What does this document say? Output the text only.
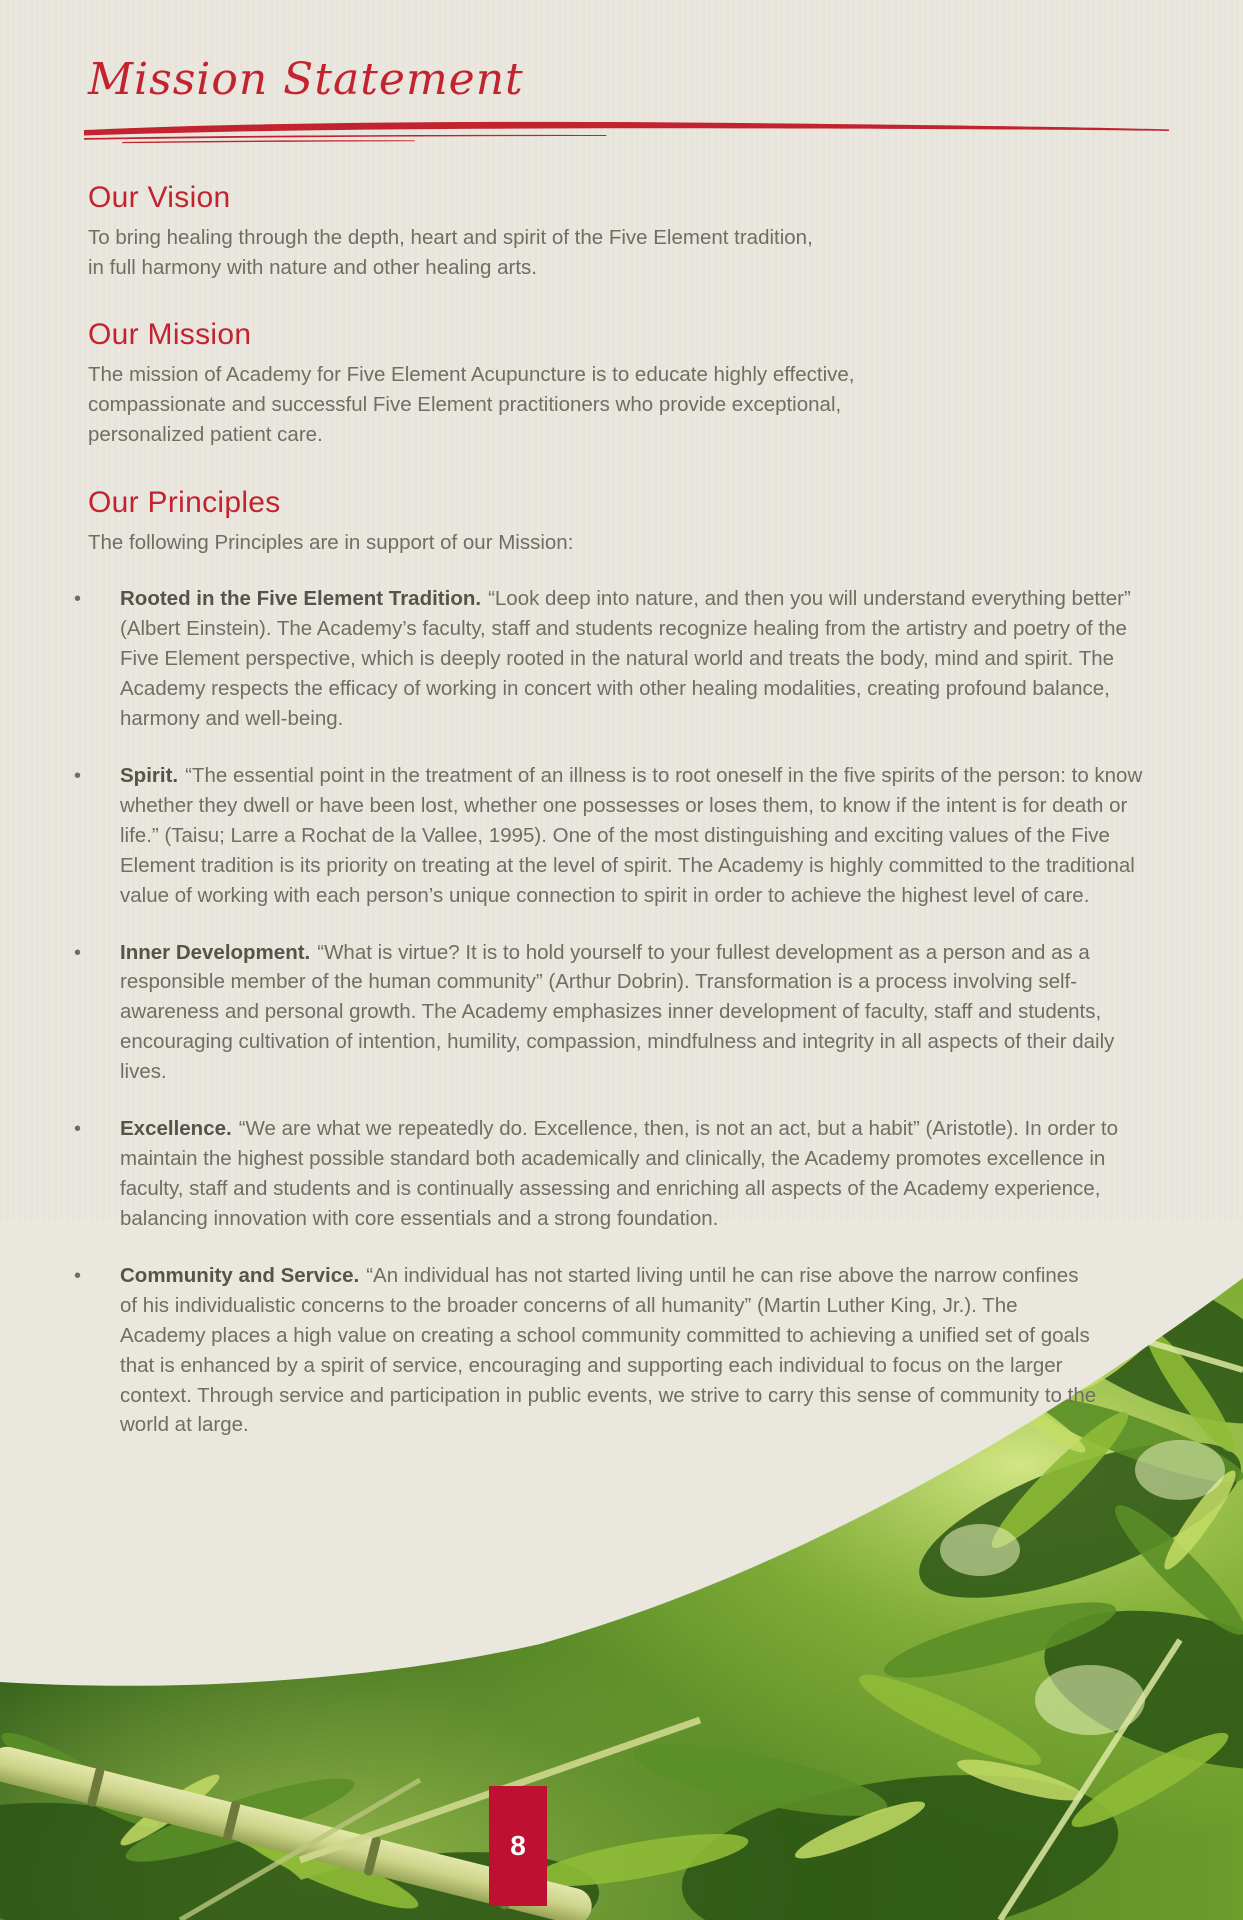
8
Mission Statement
Our Vision

To bring healing through the depth, heart and spirit of the Five Element tradition, in full harmony with nature and other healing arts.

Our Mission

The mission of Academy for Five Element Acupuncture is to educate highly effective, compassionate and successful Five Element practitioners who provide exceptional, personalized patient care.

Our Principles

The following Principles are in support of our Mission:

•	Rooted in the Five Element Tradition. “Look deep into nature, and then you will understand everything better” (Albert Einstein). The Academy’s faculty, staff and students recognize healing from the artistry and poetry of the Five Element perspective, which is deeply rooted in the natural world and treats the body, mind and spirit. The Academy respects the efficacy of working in concert with other healing modalities, creating profound balance, harmony and well-being.

•	Spirit. “The essential point in the treatment of an illness is to root oneself in the five spirits of the person: to know whether they dwell or have been lost, whether one possesses or loses them, to know if the intent is for death or life.” (Taisu; Larre a Rochat de la Vallee, 1995). One of the most distinguishing and exciting values of the Five Element tradition is its priority on treating at the level of spirit. The Academy is highly committed to the traditional value of working with each person’s unique connection to spirit in order to achieve the highest level of care.

•	Inner Development. “What is virtue? It is to hold yourself to your fullest development as a person and as a responsible member of the human community” (Arthur Dobrin). Transformation is a process involving self-awareness and personal growth. The Academy emphasizes inner development of faculty, staff and students, encouraging cultivation of intention, humility, compassion, mindfulness and integrity in all aspects of their daily lives.

•	Excellence. “We are what we repeatedly do. Excellence, then, is not an act, but a habit” (Aristotle). In order to maintain the highest possible standard both academically and clinically, the Academy promotes excellence in faculty, staff and students and is continually assessing and enriching all aspects of the Academy experience, balancing innovation with core essentials and a strong foundation.

•	Community and Service. “An individual has not started living until he can rise above the narrow confines of his individualistic concerns to the broader concerns of all humanity” (Martin Luther King, Jr.). The Academy places a high value on creating a school community committed to achieving a unified set of goals that is enhanced by a spirit of service, encouraging and supporting each individual to focus on the larger context. Through service and participation in public events, we strive to carry this sense of community to the world at large.
